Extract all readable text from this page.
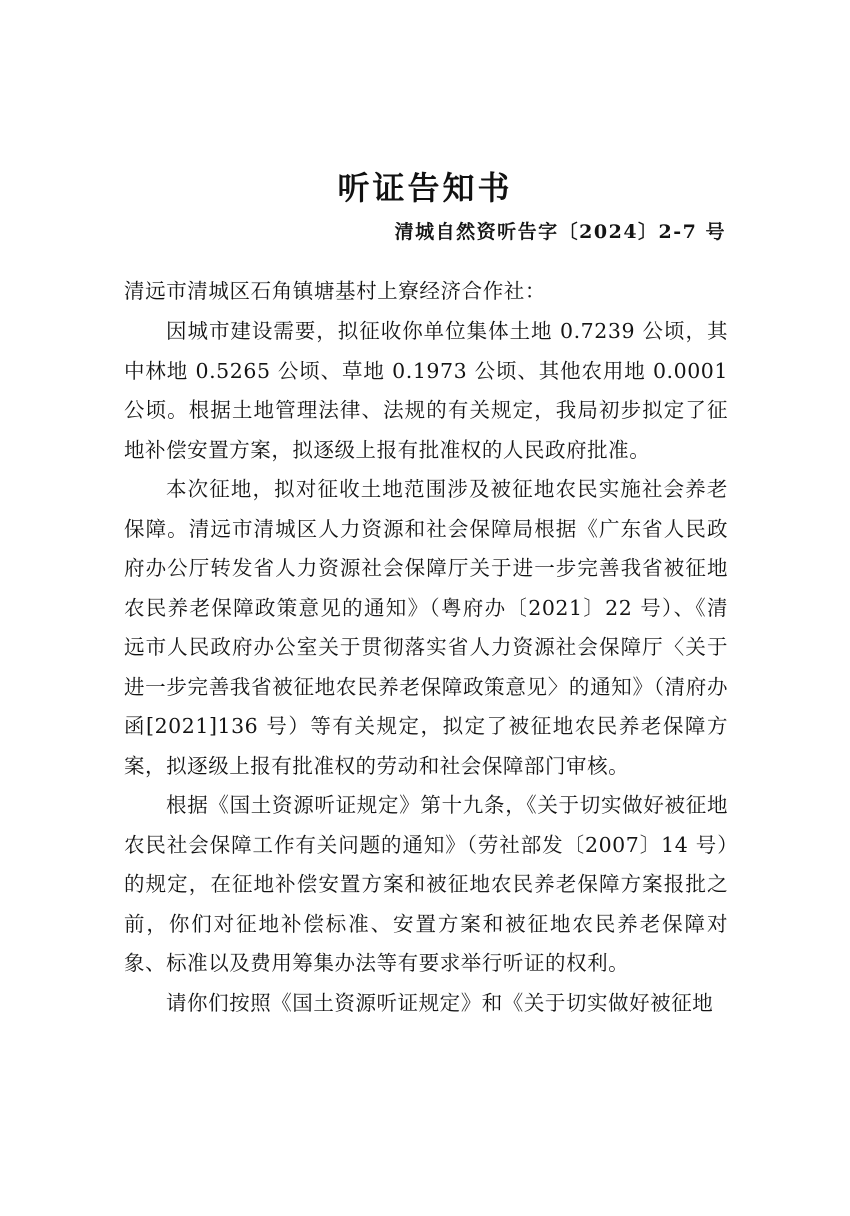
听证告知书
清城自然资听告字〔2024〕2-7 号

清远市清城区石角镇塘基村上寮经济合作社：

因城市建设需要，拟征收你单位集体土地 0.7239 公顷，其中林地 0.5265 公顷、草地 0.1973 公顷、其他农用地 0.0001 公顷。根据土地管理法律、法规的有关规定，我局初步拟定了征地补偿安置方案，拟逐级上报有批准权的人民政府批准。

本次征地，拟对征收土地范围涉及被征地农民实施社会养老保障。清远市清城区人力资源和社会保障局根据《广东省人民政府办公厅转发省人力资源社会保障厅关于进一步完善我省被征地农民养老保障政策意见的通知》（粤府办〔2021〕22 号）、《清远市人民政府办公室关于贯彻落实省人力资源社会保障厅〈关于进一步完善我省被征地农民养老保障政策意见〉的通知》（清府办函[2021]136 号）等有关规定，拟定了被征地农民养老保障方案，拟逐级上报有批准权的劳动和社会保障部门审核。

根据《国土资源听证规定》第十九条，《关于切实做好被征地农民社会保障工作有关问题的通知》（劳社部发〔2007〕14 号）的规定，在征地补偿安置方案和被征地农民养老保障方案报批之前，你们对征地补偿标准、安置方案和被征地农民养老保障对象、标准以及费用筹集办法等有要求举行听证的权利。

请你们按照《国土资源听证规定》和《关于切实做好被征地
